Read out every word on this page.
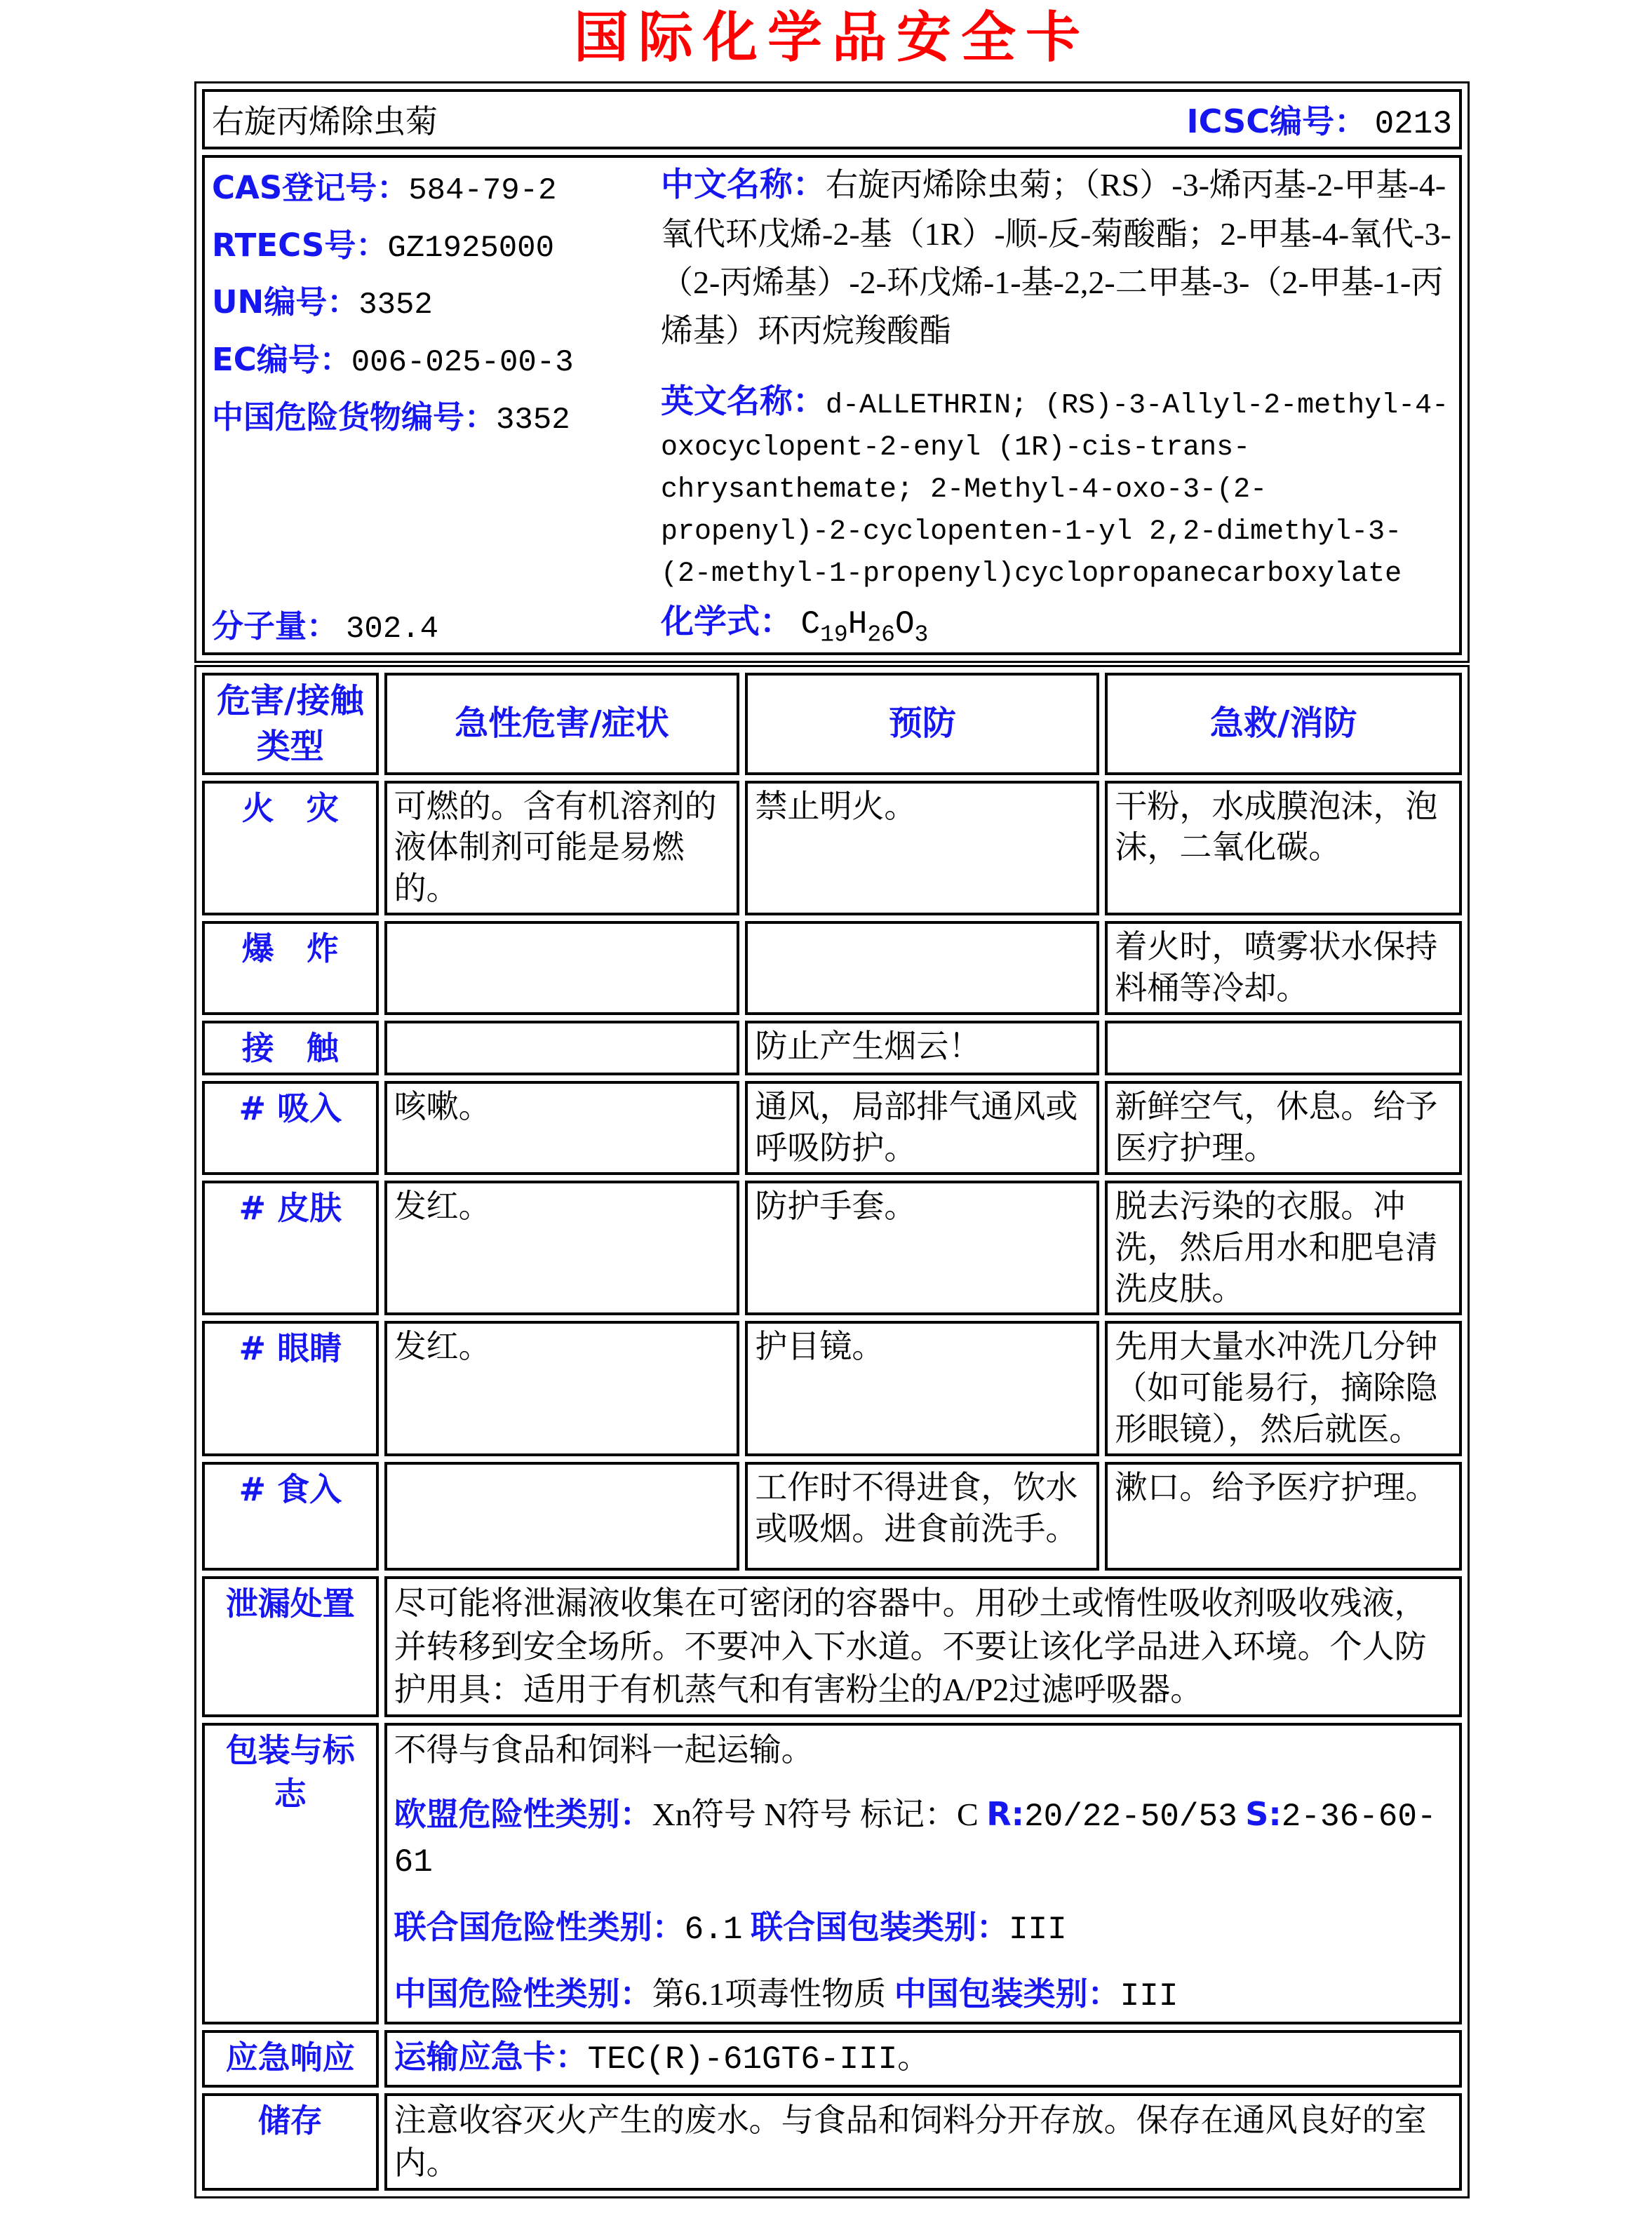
国际化学品安全卡
右旋丙烯除虫菊	ICSC编号： 0213

CAS登记号：584-79-2
RTECS号：GZ1925000
UN编号：3352
EC编号：006-025-00-3
中国危险货物编号：3352
分子量： 302.4
中文名称：右旋丙烯除虫菊；（RS）-3-烯丙基-2-甲基-4-氧代环戊烯-2-基（1R）-顺-反-菊酸酯；2-甲基-4-氧代-3-（2-丙烯基）-2-环戊烯-1-基-2,2-二甲基-3-（2-甲基-1-丙烯基）环丙烷羧酸酯
英文名称：d-ALLETHRIN; (RS)-3-Allyl-2-methyl-4-oxocyclopent-2-enyl (1R)-cis-trans-chrysanthemate; 2-Methyl-4-oxo-3-(2-propenyl)-2-cyclopenten-1-yl 2,2-dimethyl-3-(2-methyl-1-propenyl)cyclopropanecarboxylate
化学式： $C_{19}H_{26}O_3$
危害/接触类型	急性危害/症状	预防	急救/消防
火　灾	可燃的。含有机溶剂的液体制剂可能是易燃的。	禁止明火。	干粉，水成膜泡沫，泡沫，二氧化碳。
爆　炸			着火时，喷雾状水保持料桶等冷却。
接　触		防止产生烟云！	
# 吸入	咳嗽。	通风，局部排气通风或呼吸防护。	新鲜空气，休息。给予医疗护理。
# 皮肤	发红。	防护手套。	脱去污染的衣服。冲洗，然后用水和肥皂清洗皮肤。
# 眼睛	发红。	护目镜。	先用大量水冲洗几分钟（如可能易行，摘除隐形眼镜），然后就医。
# 食入		工作时不得进食，饮水或吸烟。进食前洗手。	漱口。给予医疗护理。
泄漏处置	尽可能将泄漏液收集在可密闭的容器中。用砂土或惰性吸收剂吸收残液，并转移到安全场所。不要冲入下水道。不要让该化学品进入环境。个人防护用具：适用于有机蒸气和有害粉尘的A/P2过滤呼吸器。		

包装与标志	不得与食品和饲料一起运输。
欧盟危险性类别：Xn符号 N符号 标记：C R:20/22-50/53 S:2-36-60-61
联合国危险性类别：6.1 联合国包装类别：III
中国危险性类别：第6.1项毒性物质 中国包装类别：III		

应急响应	运输应急卡：TEC(R)-61GT6-III。		

储存	注意收容灭火产生的废水。与食品和饲料分开存放。保存在通风良好的室内。		
